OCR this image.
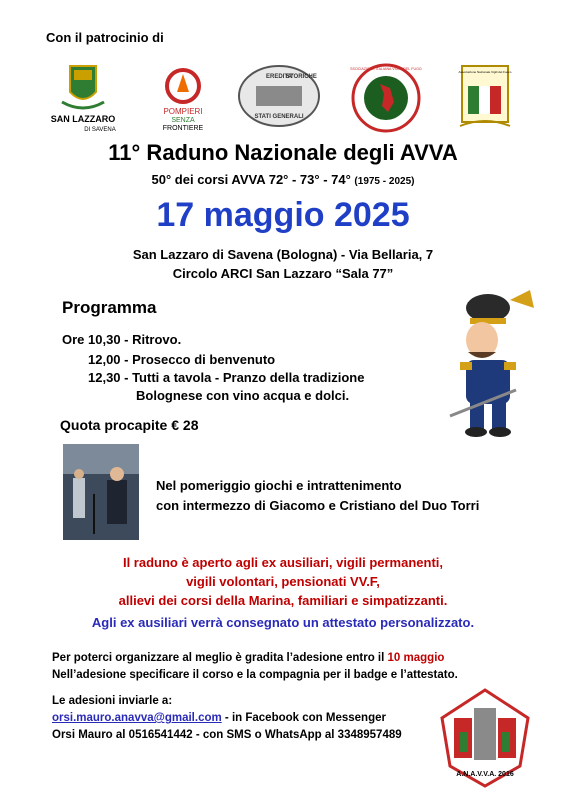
Con il patrocinio di
SAN LAZZARO
DI SAVENA
POMPIERI
SENZA
FRONTIERE
EREDITA'
STORICHE
STATI GENERALI
ASSOCIAZIONE ITALIANA VIGILI DEL FUOCO
Associazione Nazionale Vigili del Fuoco
11° Raduno Nazionale degli AVVA
50° dei corsi AVVA 72° - 73° - 74° (1975 - 2025)
17 maggio 2025
San Lazzaro di Savena (Bologna) - Via Bellaria, 7
Circolo ARCI San Lazzaro “Sala 77”
Programma
Ore 10,30 - Ritrovo.
12,00 - Prosecco di benvenuto
12,30 - Tutti a tavola - Pranzo della tradizione
Bolognese con vino acqua e dolci.
Quota procapite € 28
Nel pomeriggio giochi e intrattenimento
con intermezzo di Giacomo e Cristiano del Duo Torri
Il raduno è aperto agli ex ausiliari, vigili permanenti,
vigili volontari, pensionati VV.F,
allievi dei corsi della Marina, familiari e simpatizzanti.
Agli ex ausiliari verrà consegnato un attestato personalizzato.
Per poterci organizzare al meglio è gradita l’adesione entro il 10 maggio
Nell’adesione specificare il corso e la compagnia per il badge e l’attestato.
Le adesioni inviarle a:
orsi.mauro.anavva@gmail.com - in Facebook con Messenger
Orsi Mauro al 0516541442 - con SMS o WhatsApp al 3348957489
A.N.A.V.V.A. 2016
